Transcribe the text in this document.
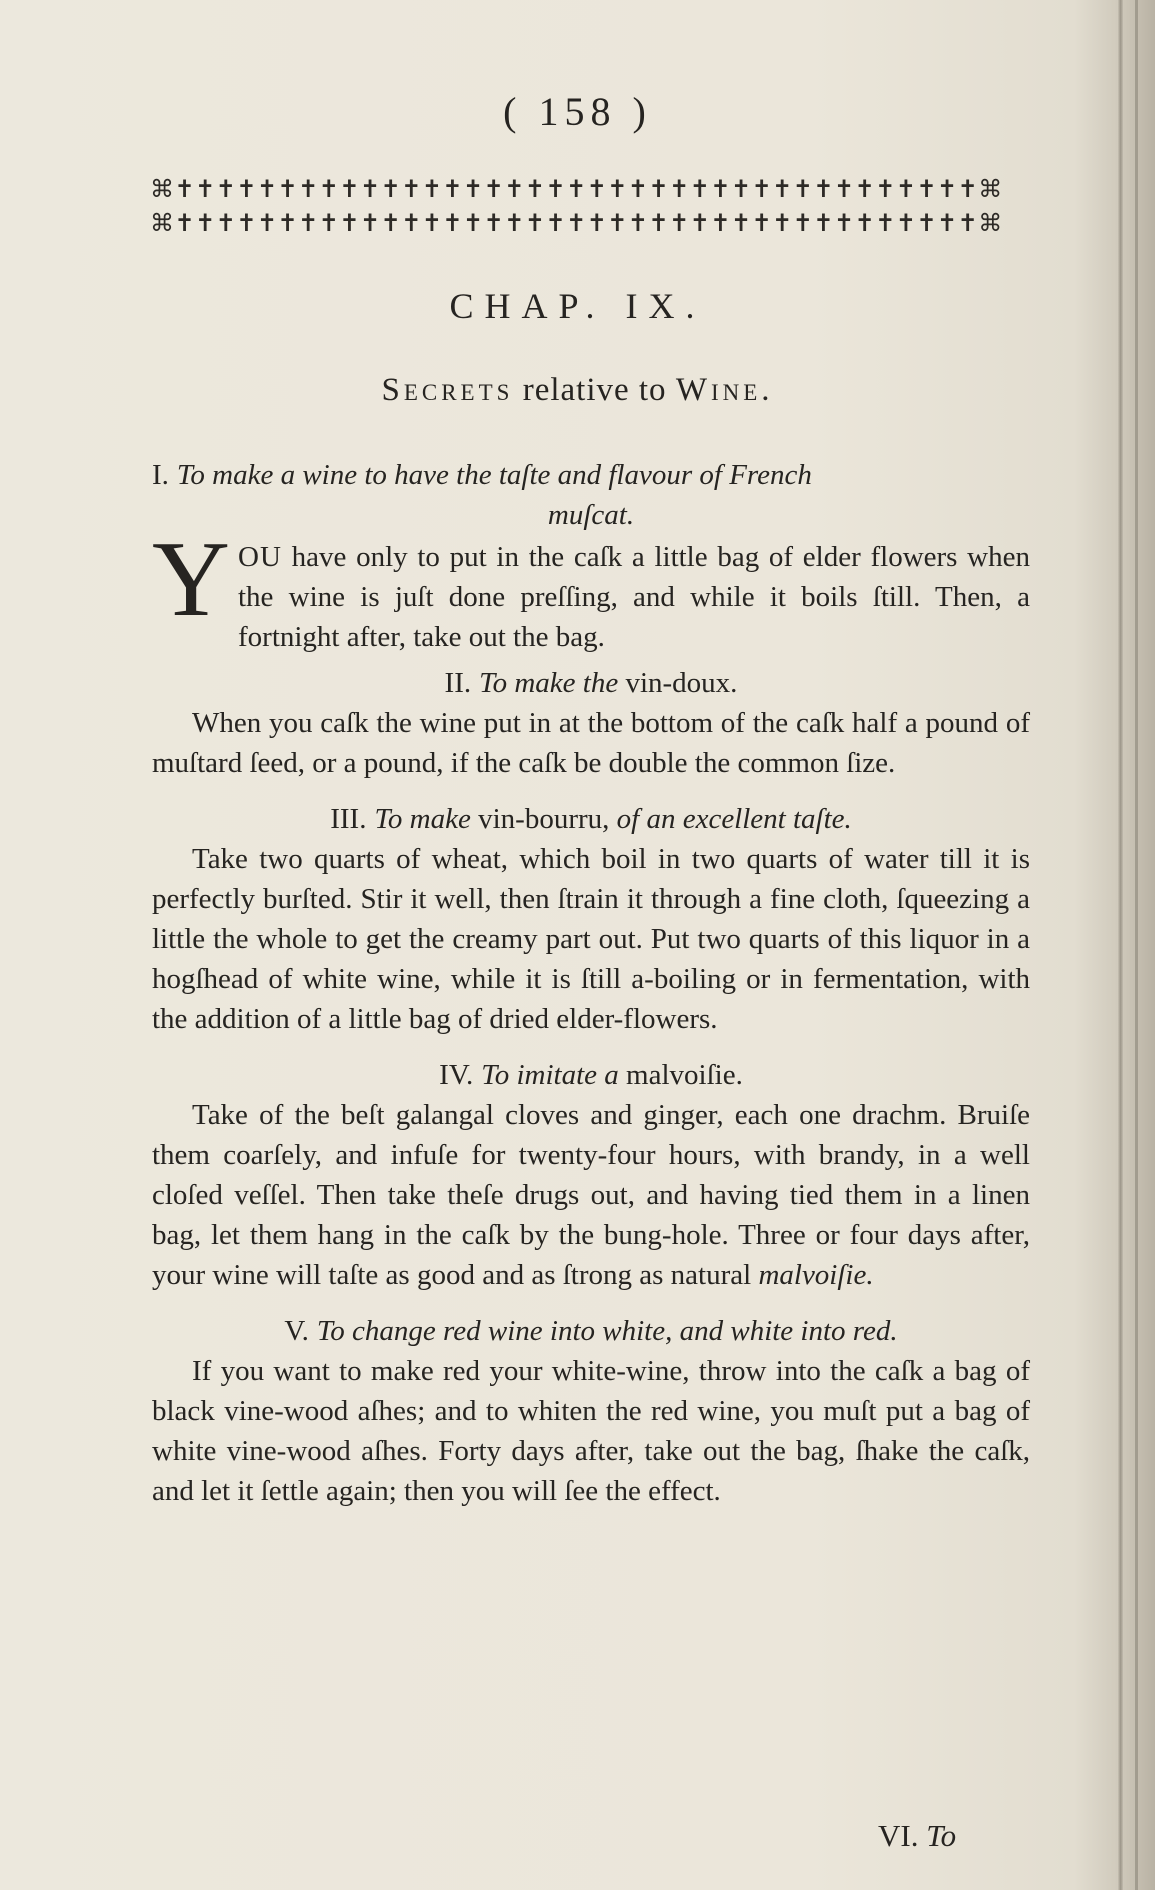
( 158 )
⌘✝✝✝✝✝✝✝✝✝✝✝✝✝✝✝✝✝✝✝✝✝✝✝✝✝✝✝✝✝✝✝✝✝✝✝✝✝✝✝⌘
⌘✝✝✝✝✝✝✝✝✝✝✝✝✝✝✝✝✝✝✝✝✝✝✝✝✝✝✝✝✝✝✝✝✝✝✝✝✝✝✝⌘
CHAP. IX.
Secrets relative to Wine.

I. To make a wine to have the taſte and flavour of French
muſcat.

YOU have only to put in the caſk a little bag of elder flowers when the wine is juſt done preſſing, and while it boils ſtill. Then, a fortnight after, take out the bag.

II. To make the vin-doux.

When you caſk the wine put in at the bottom of the caſk half a pound of muſtard ſeed, or a pound, if the caſk be double the common ſize.

III. To make vin-bourru, of an excellent taſte.

Take two quarts of wheat, which boil in two quarts of water till it is perfectly burſted. Stir it well, then ſtrain it through a fine cloth, ſqueezing a little the whole to get the creamy part out. Put two quarts of this liquor in a hogſhead of white wine, while it is ſtill a-boiling or in fermentation, with the addition of a little bag of dried elder-flowers.

IV. To imitate a malvoiſie.

Take of the beſt galangal cloves and ginger, each one drachm. Bruiſe them coarſely, and infuſe for twenty-four hours, with brandy, in a well cloſed veſſel. Then take theſe drugs out, and having tied them in a linen bag, let them hang in the caſk by the bung-hole. Three or four days after, your wine will taſte as good and as ſtrong as natural malvoiſie.

V. To change red wine into white, and white into red.

If you want to make red your white-wine, throw into the caſk a bag of black vine-wood aſhes; and to whiten the red wine, you muſt put a bag of white vine-wood aſhes. Forty days after, take out the bag, ſhake the caſk, and let it ſettle again; then you will ſee the effect.

VI. To
